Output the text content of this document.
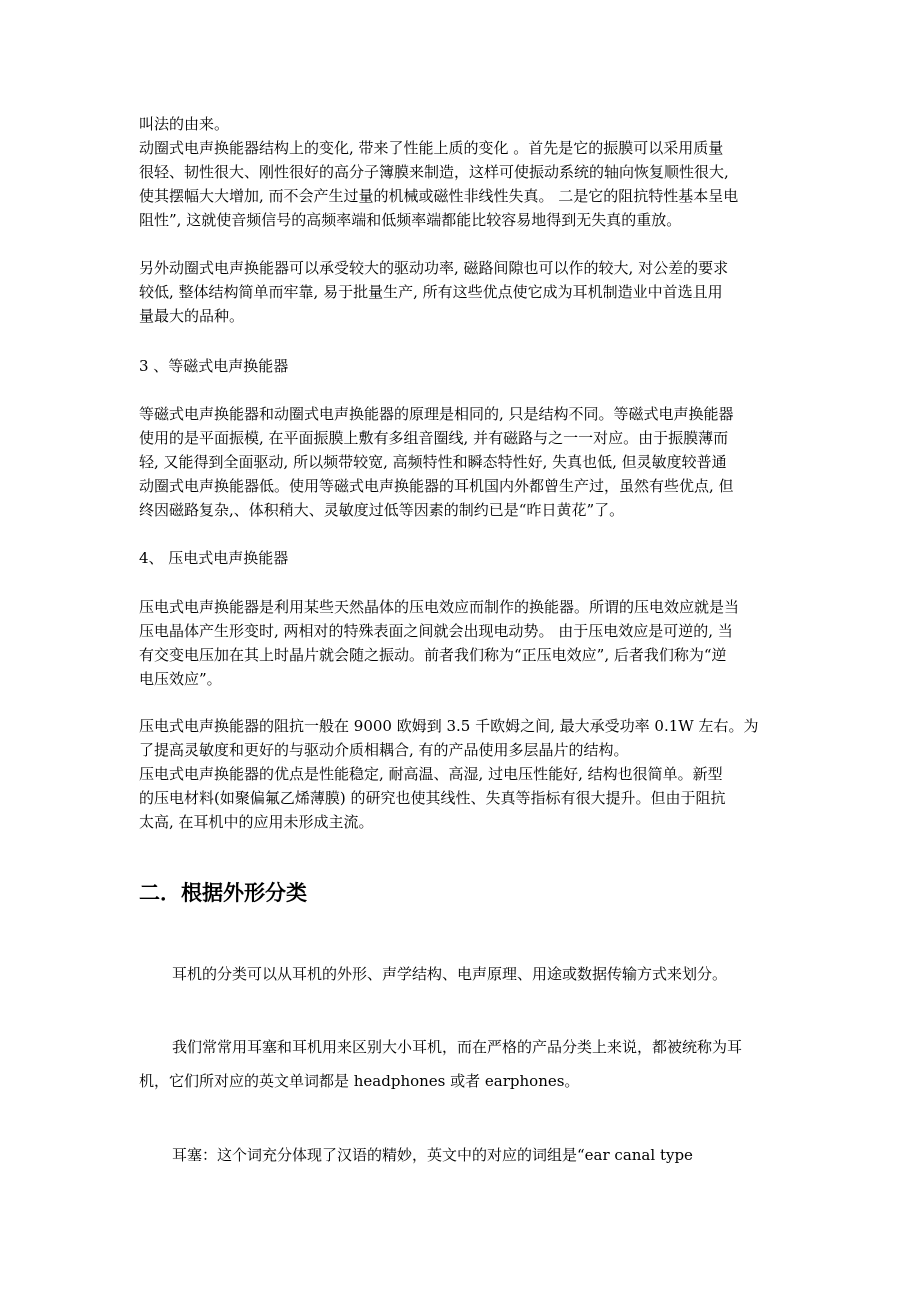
叫法的由来。
动圈式电声换能器结构上的变化, 带来了性能上质的变化 。首先是它的振膜可以采用质量
很轻、韧性很大、刚性很好的高分子簿膜来制造，这样可使振动系统的轴向恢复顺性很大,
使其摆幅大大增加, 而不会产生过量的机械或磁性非线性失真。 二是它的阻抗特性基本呈电
阻性”, 这就使音频信号的高频率端和低频率端都能比较容易地得到无失真的重放。
另外动圈式电声换能器可以承受较大的驱动功率, 磁路间隙也可以作的较大, 对公差的要求
较低, 整体结构简单而牢靠, 易于批量生产, 所有这些优点使它成为耳机制造业中首选且用
量最大的品种。
3 、等磁式电声换能器
等磁式电声换能器和动圈式电声换能器的原理是相同的, 只是结构不同。等磁式电声换能器
使用的是平面振模, 在平面振膜上敷有多组音圈线, 并有磁路与之一一对应。由于振膜薄而
轻, 又能得到全面驱动, 所以频带较宽, 高频特性和瞬态特性好, 失真也低, 但灵敏度较普通
动圈式电声换能器低。使用等磁式电声换能器的耳机国内外都曾生产过，虽然有些优点, 但
终因磁路复杂,、体积稍大、灵敏度过低等因素的制约已是“昨日黄花”了。
4、 压电式电声换能器
压电式电声换能器是利用某些天然晶体的压电效应而制作的换能器。所谓的压电效应就是当
压电晶体产生形变时, 两相对的特殊表面之间就会出现电动势。 由于压电效应是可逆的, 当
有交变电压加在其上时晶片就会随之振动。前者我们称为“正压电效应”, 后者我们称为“逆
电压效应”。
压电式电声换能器的阻抗一般在 9000 欧姆到 3.5 千欧姆之间, 最大承受功率 0.1W 左右。为
了提高灵敏度和更好的与驱动介质相耦合, 有的产品使用多层晶片的结构。
压电式电声换能器的优点是性能稳定, 耐高温、高湿, 过电压性能好, 结构也很简单。新型
的压电材料(如聚偏氟乙烯薄膜) 的研究也使其线性、失真等指标有很大提升。但由于阻抗
太高, 在耳机中的应用未形成主流。
二．根据外形分类
耳机的分类可以从耳机的外形、声学结构、电声原理、用途或数据传输方式来划分。
我们常常用耳塞和耳机用来区别大小耳机，而在严格的产品分类上来说，都被统称为耳
机，它们所对应的英文单词都是 headphones 或者 earphones。
耳塞：这个词充分体现了汉语的精妙，英文中的对应的词组是“ear canal type
